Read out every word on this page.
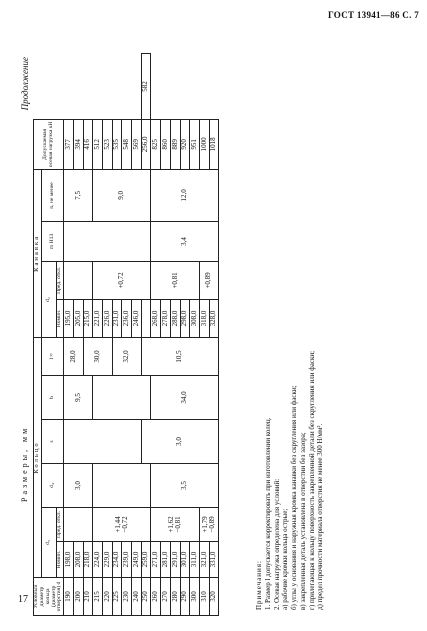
ГОСТ 13941—86 С. 7
Продолжение
Размеры, мм
Условный диаметр кольца (диаметр отверстия) d	Кольцо						Канавка				Допускаемая осевая нагрузка кН	
	d₃		d₄	s	b	l ≈	d₂		m H13	n, не менее		
	Номин.	Пред. откл.					Номин.	Пред. откл.				
190	198,0		3,0		9,5	28,0	195,0			7,5	377	
200	208,0						205,0				394	
210	218,0					30,0	215,0				416	
215	224,0	+1,44
−0,72					221,0	+0,72		9,0	512	
220	229,0						226,0				523	
225	234,0					32,0	231,0				535	
230	239,0						236,0				548	
240	249,0						246,0				569	
250	259,0			3,0		10,5					256,0	582
260	271,0	+1,62
−0,81	3,5		34,0		268,0	+0,81	3,4	12,0	825	
270	281,0						278,0				860	
280	291,0						288,0				889	
290	301,0						298,0				920	
300	311,0						308,0				951	
310	321,0	+1,79
−0,89					318,0	+0,89			1000	
320	331,0						328,0				1018	
Примечания: 1. Размер l допускается корректировать при изготовлении колец. 2. Осевая нагрузка определена для условий: а) рабочие кромки кольца острые; б) углы у основания и наружная кромка канавки без скругления или фаски; в) закрепленная деталь установлена в отверстии без зазора; г) прилегающая к кольцу поверхность закрепленной детали без скругления или фаски; д) предел прочности материала отверстия не менее 300 Н/мм².
17
